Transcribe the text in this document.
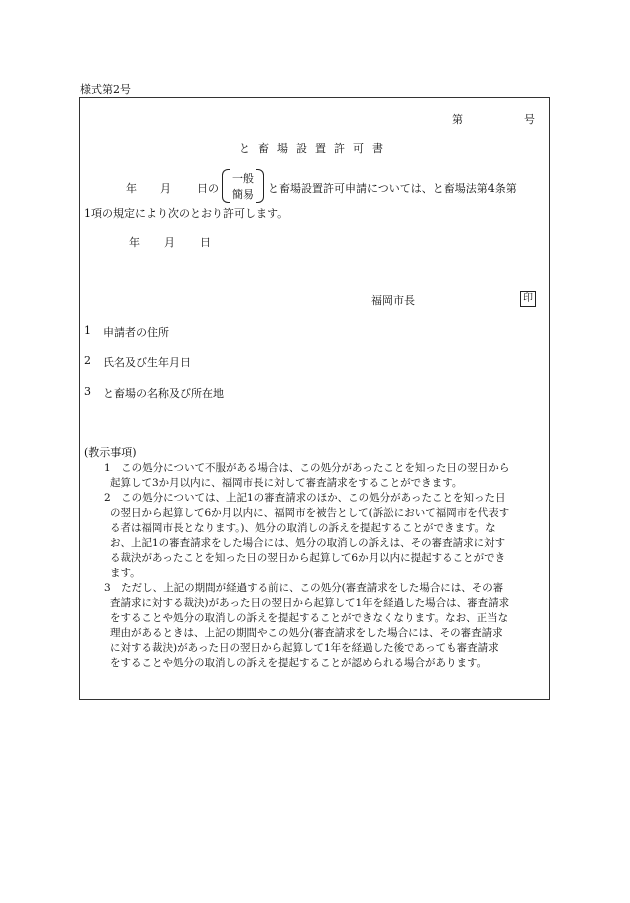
様式第2号
第	号
と畜場設置許可書
年 月 日の
一般
簡易	と畜場設置許可申請については、と畜場法第4条第
1項の規定により次のとおり許可します。
年 月 日
福岡市長	印
1 申請者の住所
2 氏名及び生年月日
3 と畜場の名称及び所在地
(教示事項)
1　この処分について不服がある場合は、この処分があったことを知った日の翌日から
起算して3か月以内に、福岡市長に対して審査請求をすることができます。
2　この処分については、上記1の審査請求のほか、この処分があったことを知った日
の翌日から起算して6か月以内に、福岡市を被告として(訴訟において福岡市を代表す
る者は福岡市長となります。)、処分の取消しの訴えを提起することができます。な
お、上記1の審査請求をした場合には、処分の取消しの訴えは、その審査請求に対す
る裁決があったことを知った日の翌日から起算して6か月以内に提起することができ
ます。
3　ただし、上記の期間が経過する前に、この処分(審査請求をした場合には、その審
査請求に対する裁決)があった日の翌日から起算して1年を経過した場合は、審査請求
をすることや処分の取消しの訴えを提起することができなくなります。なお、正当な
理由があるときは、上記の期間やこの処分(審査請求をした場合には、その審査請求
に対する裁決)があった日の翌日から起算して1年を経過した後であっても審査請求
をすることや処分の取消しの訴えを提起することが認められる場合があります。
